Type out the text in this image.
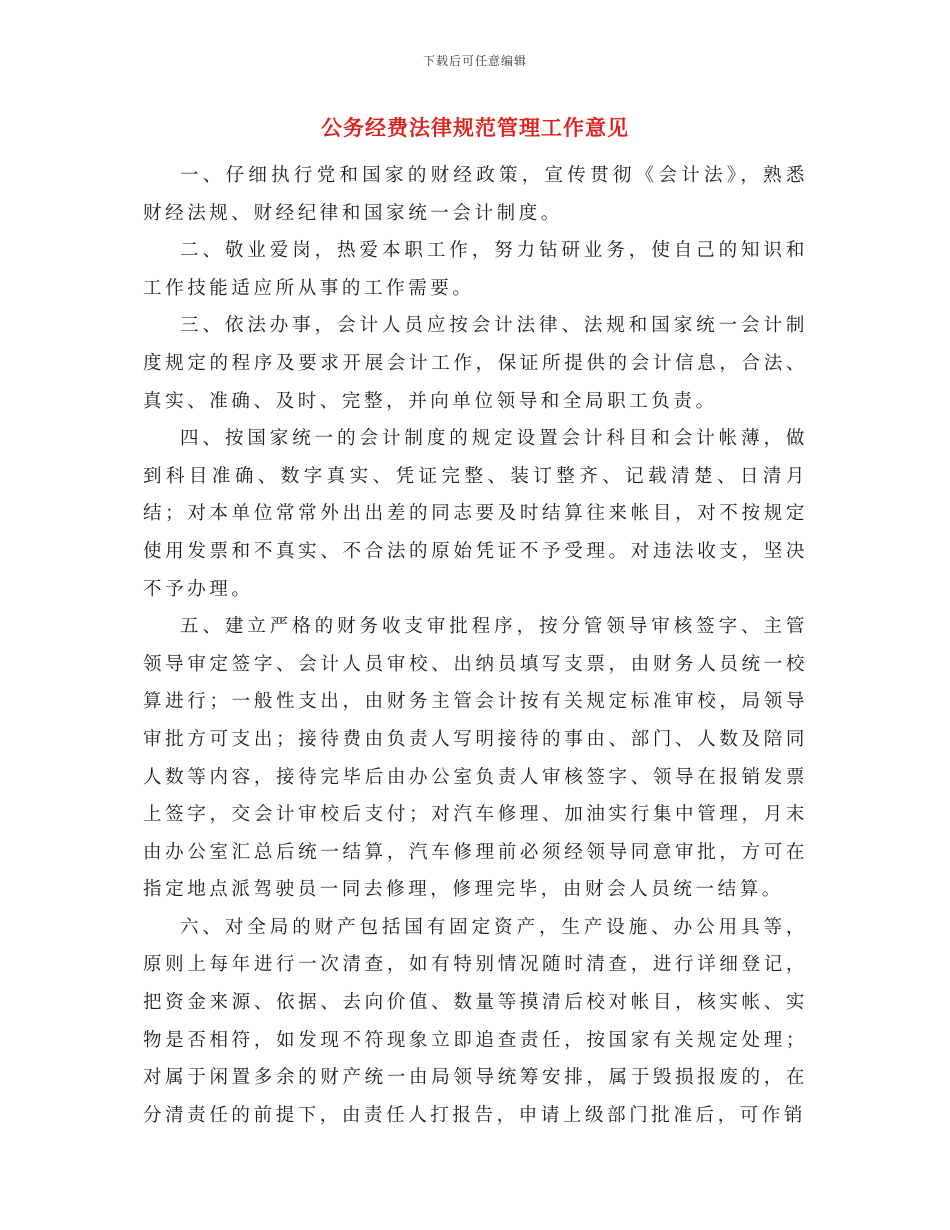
下载后可任意编辑
公务经费法律规范管理工作意见

一、仔细执行党和国家的财经政策，宣传贯彻《会计法》，熟悉财经法规、财经纪律和国家统一会计制度。

二、敬业爱岗，热爱本职工作，努力钻研业务，使自己的知识和工作技能适应所从事的工作需要。

三、依法办事，会计人员应按会计法律、法规和国家统一会计制度规定的程序及要求开展会计工作，保证所提供的会计信息，合法、真实、准确、及时、完整，并向单位领导和全局职工负责。

四、按国家统一的会计制度的规定设置会计科目和会计帐薄，做到科目准确、数字真实、凭证完整、装订整齐、记载清楚、日清月结；对本单位常常外出出差的同志要及时结算往来帐目，对不按规定使用发票和不真实、不合法的原始凭证不予受理。对违法收支，坚决不予办理。

五、建立严格的财务收支审批程序，按分管领导审核签字、主管领导审定签字、会计人员审校、出纳员填写支票，由财务人员统一校算进行；一般性支出，由财务主管会计按有关规定标准审校，局领导审批方可支出；接待费由负责人写明接待的事由、部门、人数及陪同人数等内容，接待完毕后由办公室负责人审核签字、领导在报销发票上签字，交会计审校后支付；对汽车修理、加油实行集中管理，月末由办公室汇总后统一结算，汽车修理前必须经领导同意审批，方可在指定地点派驾驶员一同去修理，修理完毕，由财会人员统一结算。

六、对全局的财产包括国有固定资产，生产设施、办公用具等，原则上每年进行一次清查，如有特别情况随时清查，进行详细登记，把资金来源、依据、去向价值、数量等摸清后校对帐目，核实帐、实物是否相符，如发现不符现象立即追查责任，按国家有关规定处理；对属于闲置多余的财产统一由局领导统筹安排，属于毁损报废的，在分清责任的前提下，由责任人打报告，申请上级部门批准后，可作销
